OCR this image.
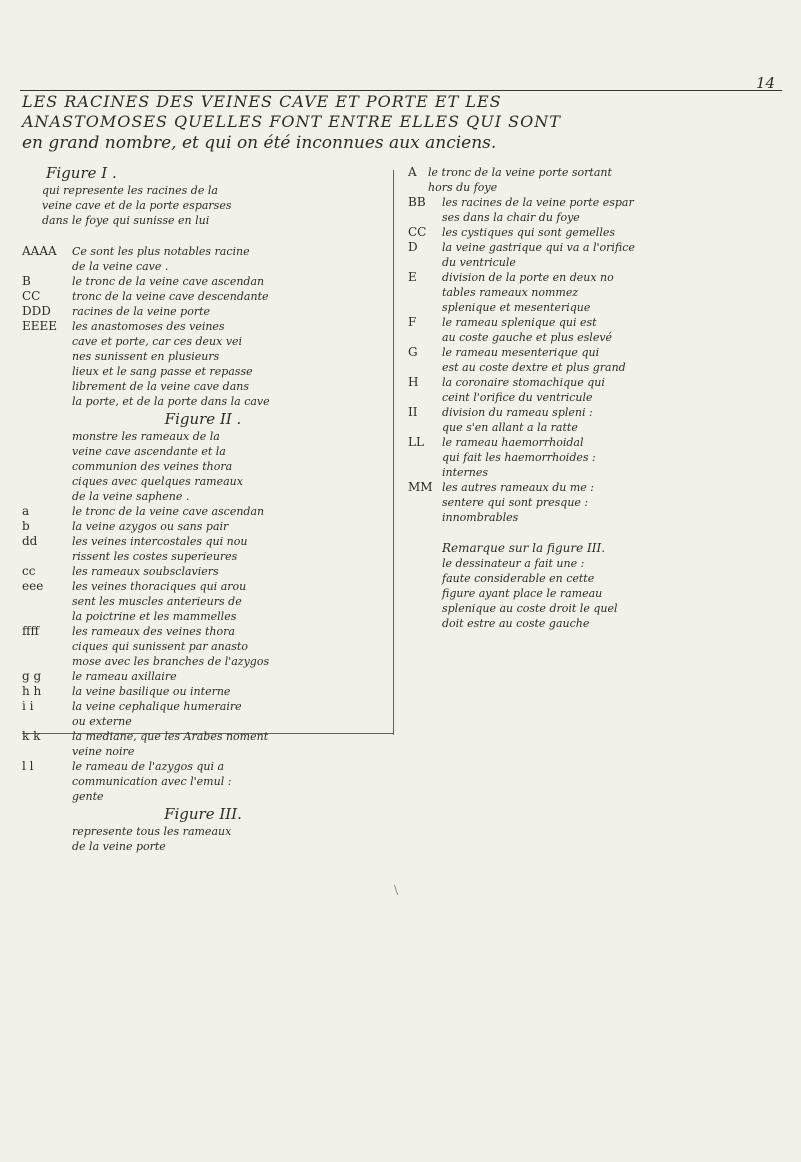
14
LES RACINES DES VEINES CAVE ET PORTE ET LES
ANASTOMOSES QUELLES FONT ENTRE ELLES QUI SONT
en grand nombre, et qui on été inconnues aux anciens.
Figure I .
qui represente les racines de la
veine cave et de la porte esparses
dans le foye qui sunisse en lui
AAAA	Ce sont les plus notables racine
de la veine cave .
B	le tronc de la veine cave ascendan
CC	tronc de la veine cave descendante
DDD	racines de la veine porte
EEEE	les anastomoses des veines
cave et porte, car ces deux vei
nes sunissent en plusieurs
lieux et le sang passe et repasse
librement de la veine cave dans
la porte, et de la porte dans la cave
Figure II .
monstre les rameaux de la
veine cave ascendante et la
communion des veines thora
ciques avec quelques rameaux
de la veine saphene .
a	le tronc de la veine cave ascendan
b	la veine azygos ou sans pair
dd	les veines intercostales qui nou
rissent les costes superieures
cc	les rameaux soubsclaviers
eee	les veines thoraciques qui arou
sent les muscles anterieurs de
la poictrine et les mammelles
ffff	les rameaux des veines thora
ciques qui sunissent par anasto
mose avec les branches de l'azygos
g g	le rameau axillaire
h h	la veine basilique ou interne
i i	la veine cephalique humeraire
ou externe
k k	la mediane, que les Arabes noment
veine noire
l l	le rameau de l'azygos qui a
communication avec l'emul :
gente
Figure III.
represente tous les rameaux
de la veine porte
A	le tronc de la veine porte sortant
hors du foye
BB	les racines de la veine porte espar
ses dans la chair du foye
CC	les cystiques qui sont gemelles
D	la veine gastrique qui va a l'orifice
du ventricule
E	division de la porte en deux no
tables rameaux nommez
splenique et mesenterique
F	le rameau splenique qui est
au coste gauche et plus eslevé
G	le rameau mesenterique qui
est au coste dextre et plus grand
H	la coronaire stomachique qui
ceint l'orifice du ventricule
II	division du rameau spleni :
que s'en allant a la ratte
LL	le rameau haemorrhoidal
qui fait les haemorrhoides :
internes
MM les autres rameaux du me :
sentere qui sont presque :
innombrables
Remarque sur la figure III.
le dessinateur a fait une :
faute considerable en cette
figure ayant place le rameau
splenique au coste droit le quel
doit estre au coste gauche
\
